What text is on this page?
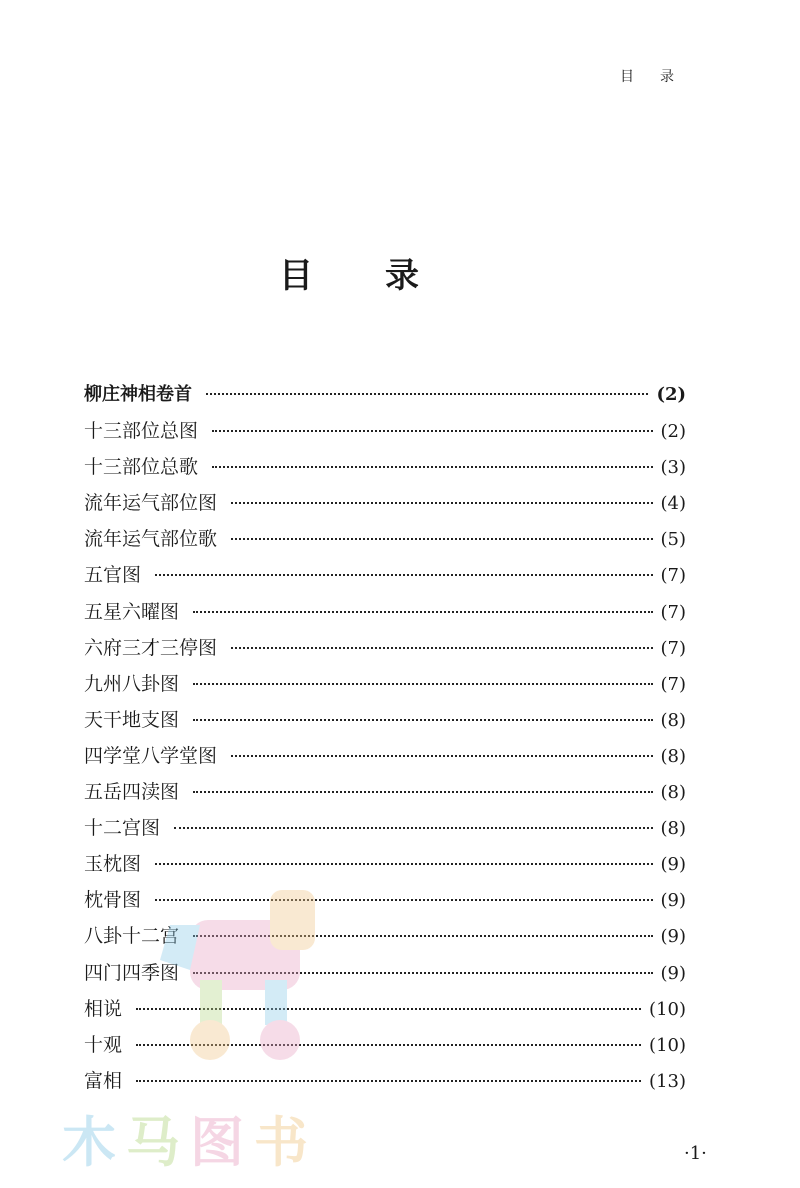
目录
目录
柳庄神相卷首	(2)
十三部位总图	(2)
十三部位总歌	(3)
流年运气部位图	(4)
流年运气部位歌	(5)
五官图	(7)
五星六曜图	(7)
六府三才三停图	(7)
九州八卦图	(7)
天干地支图	(8)
四学堂八学堂图	(8)
五岳四渎图	(8)
十二宫图	(8)
玉枕图	(9)
枕骨图	(9)
八卦十二宫	(9)
四门四季图	(9)
相说	(10)
十观	(10)
富相	(13)
木马图书	·1·
